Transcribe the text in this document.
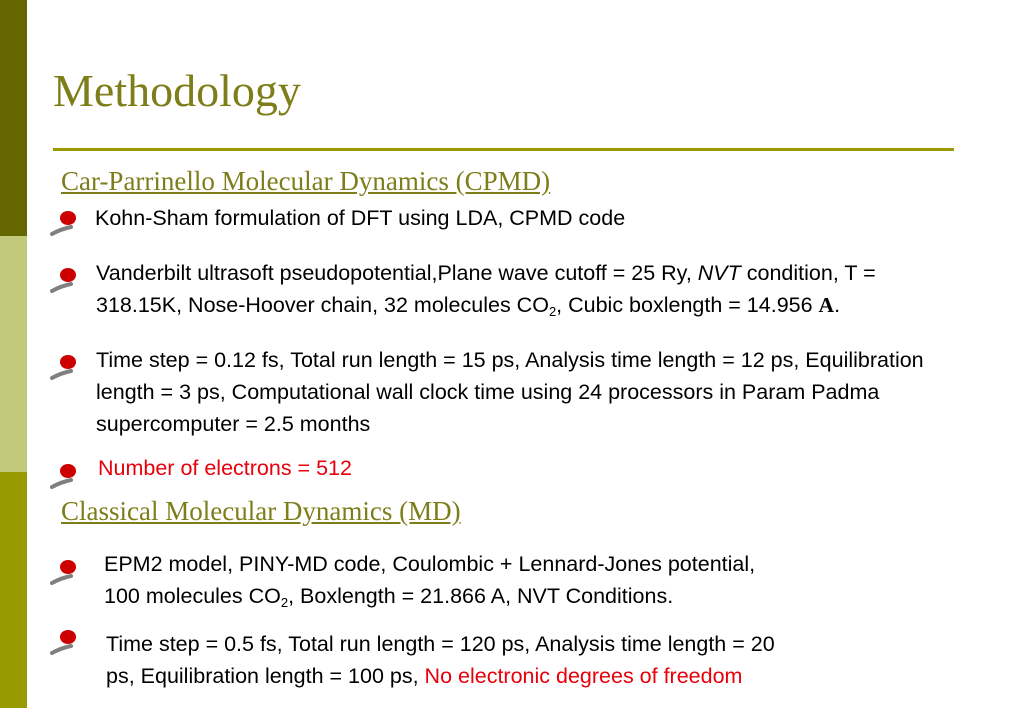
Methodology
Car-Parrinello Molecular Dynamics (CPMD)
Kohn-Sham formulation of DFT using LDA, CPMD code
Vanderbilt ultrasoft pseudopotential,Plane wave cutoff = 25 Ry, NVT condition, T = 318.15K, Nose-Hoover chain, 32 molecules $CO_2$, Cubic boxlength = 14.956 A.
Time step = 0.12 fs, Total run length = 15 ps, Analysis time length = 12 ps, Equilibration length = 3 ps, Computational wall clock time using 24 processors in Param Padma supercomputer = 2.5 months
Number of electrons = 512
Classical Molecular Dynamics (MD)
EPM2 model, PINY-MD code, Coulombic + Lennard-Jones potential, 100 molecules $CO_2$, Boxlength = 21.866 A, NVT Conditions.
Time step = 0.5 fs, Total run length = 120 ps, Analysis time length = 20 ps, Equilibration length = 100 ps, No electronic degrees of freedom
